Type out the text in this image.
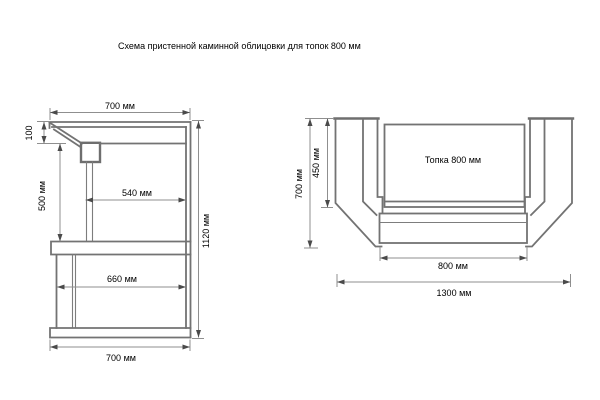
Схема пристенной каминной облицовки для топок 800 мм
700 мм
100
500 мм	540 мм
1120 мм
660 мм
700 мм
Топка 800 мм
700 мм
450 мм
800 мм
1300 мм
